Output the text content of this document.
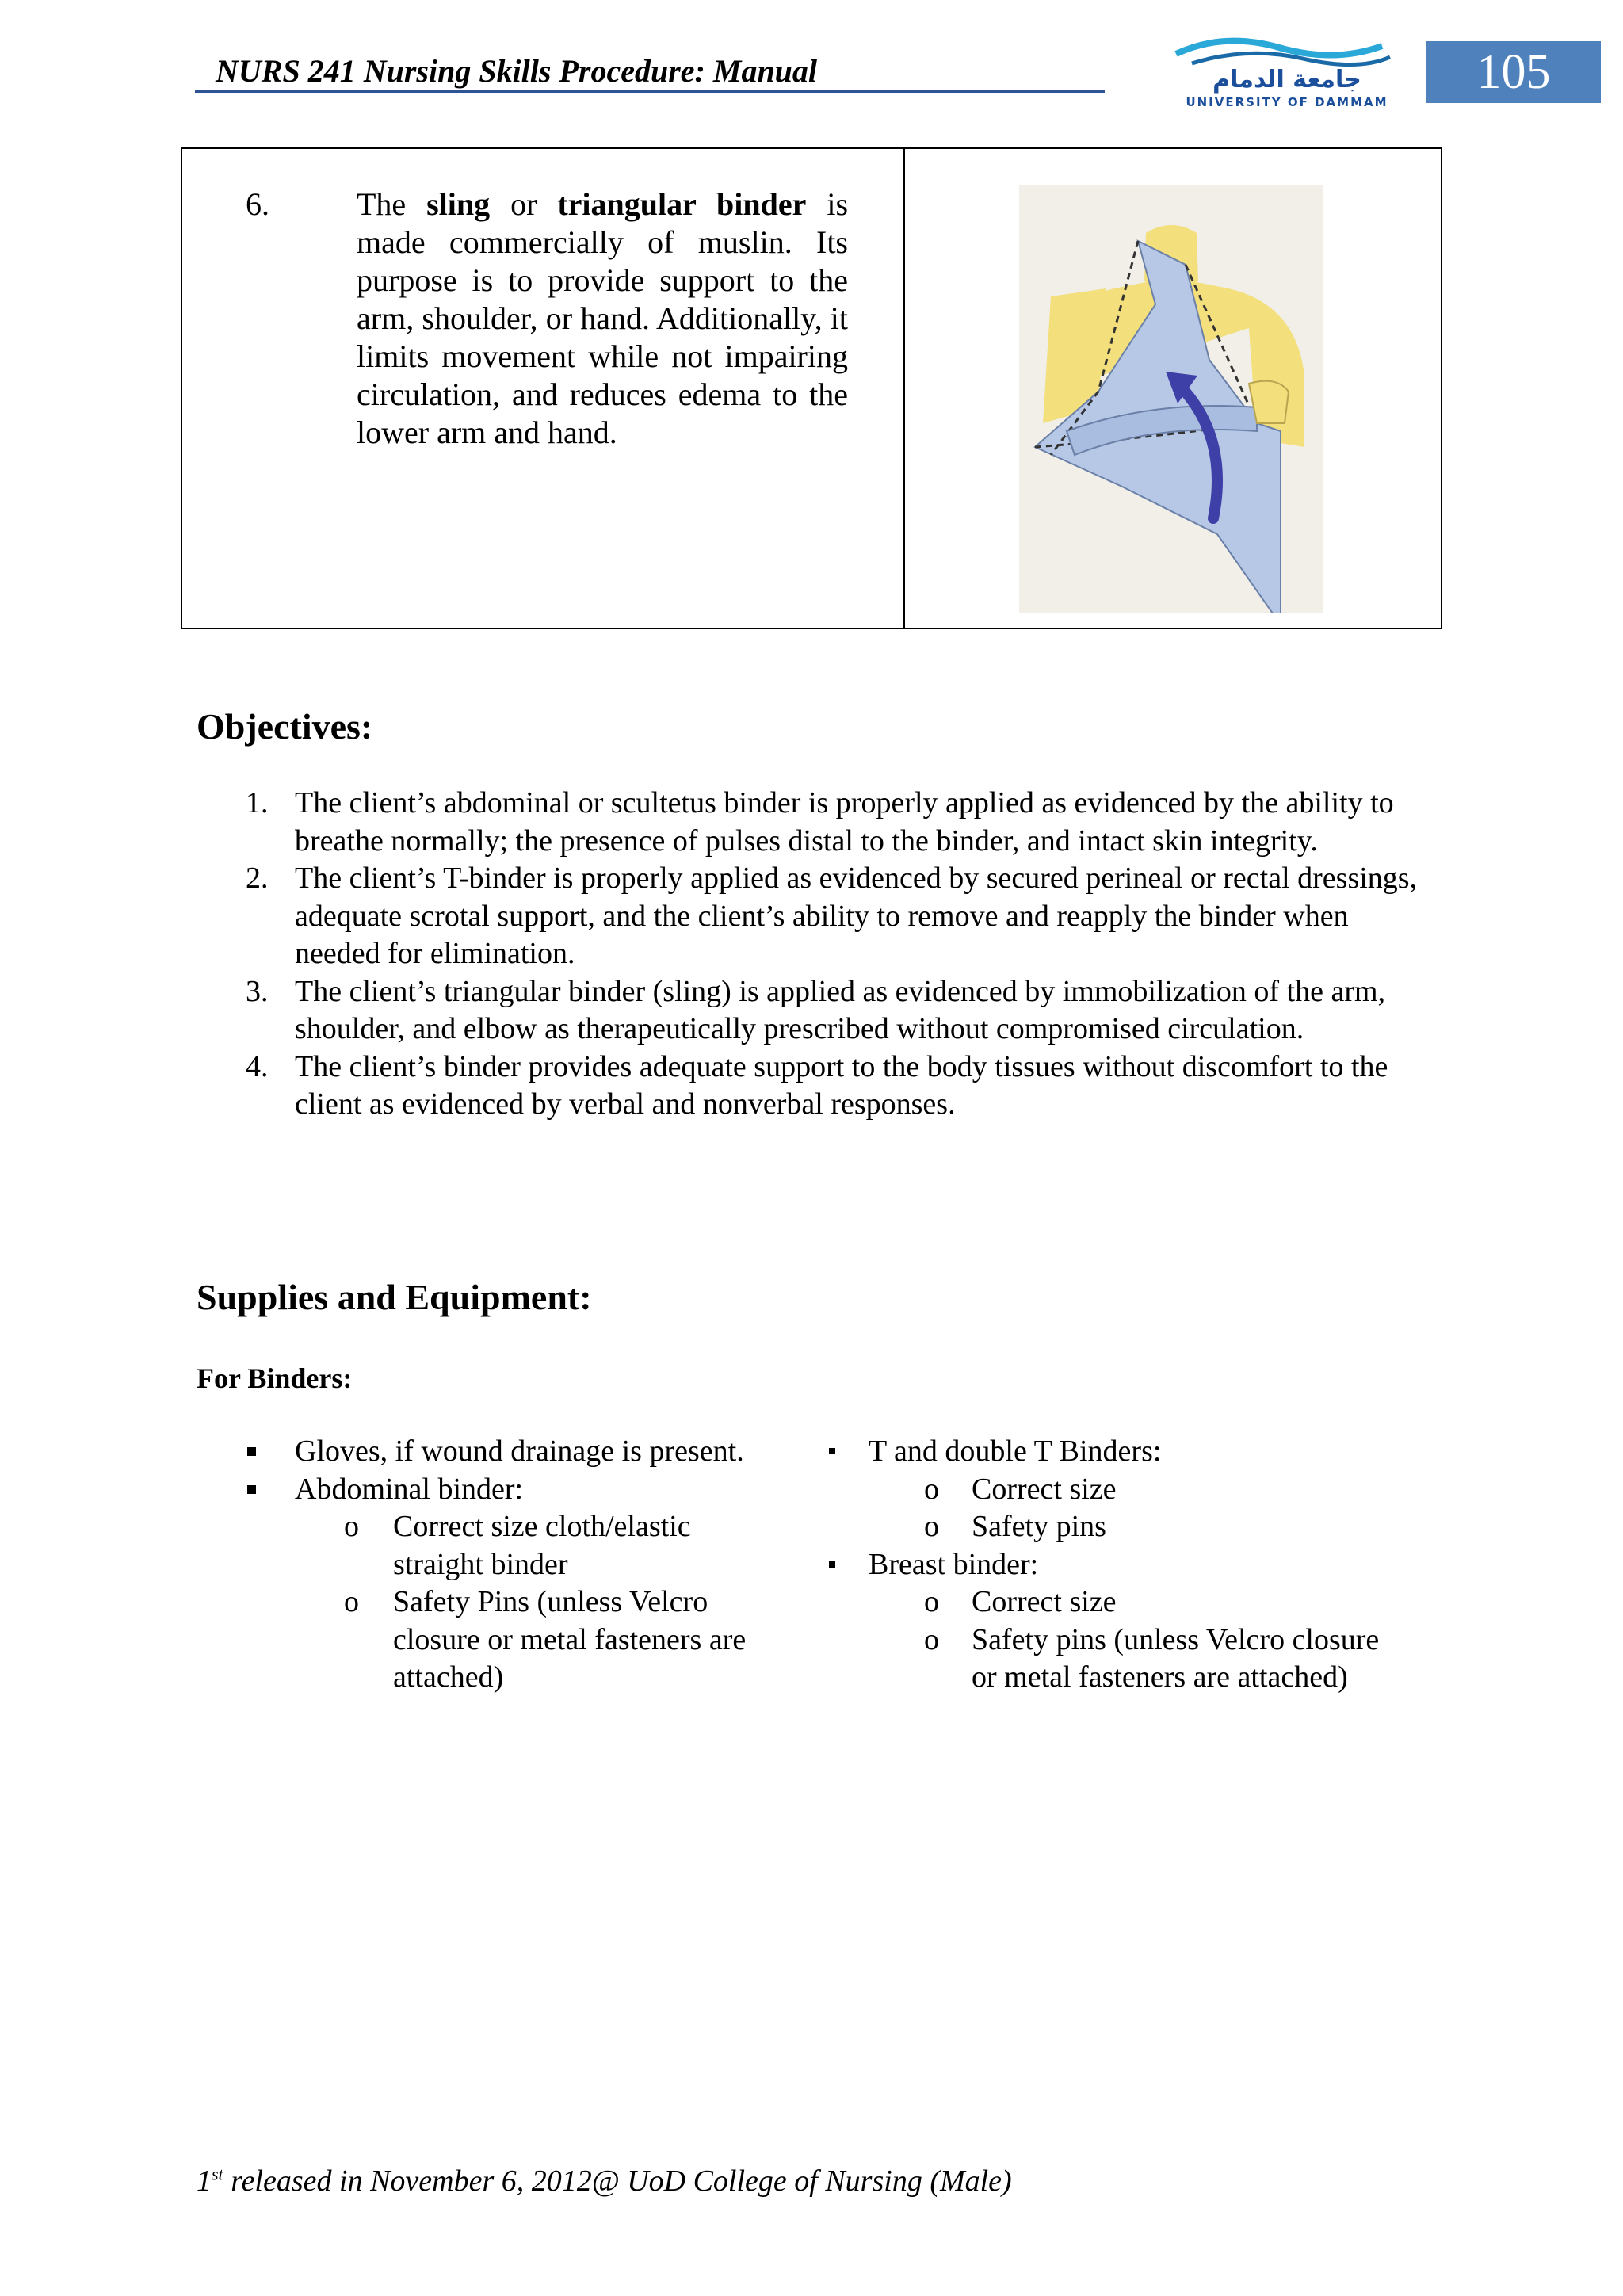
NURS 241 Nursing Skills Procedure: Manual	جامعة الدمام
UNIVERSITY OF DAMMAM
105
6.	The sling or triangular binder is made commercially of muslin. Its purpose is to provide support to the arm, shoulder, or hand. Additionally, it limits movement while not impairing circulation, and reduces edema to the lower arm and hand.
Objectives:
1. The client’s abdominal or scultetus binder is properly applied as evidenced by the ability to breathe normally; the presence of pulses distal to the binder, and intact skin integrity.
2. The client’s T-binder is properly applied as evidenced by secured perineal or rectal dressings, adequate scrotal support, and the client’s ability to remove and reapply the binder when needed for elimination.
3. The client’s triangular binder (sling) is applied as evidenced by immobilization of the arm, shoulder, and elbow as therapeutically prescribed without compromised circulation.
4. The client’s binder provides adequate support to the body tissues without discomfort to the client as evidenced by verbal and nonverbal responses.
Supplies and Equipment:
For Binders:
Gloves, if wound drainage is present.
Abdominal binder:
o Correct size cloth/elastic
straight binder
o Safety Pins (unless Velcro
closure or metal fasteners are
attached)
T and double T Binders:
o Correct size
o Safety pins
Breast binder:
o Correct size
o Safety pins (unless Velcro closure
or metal fasteners are attached)
1st released in November 6, 2012@ UoD College of Nursing (Male)
